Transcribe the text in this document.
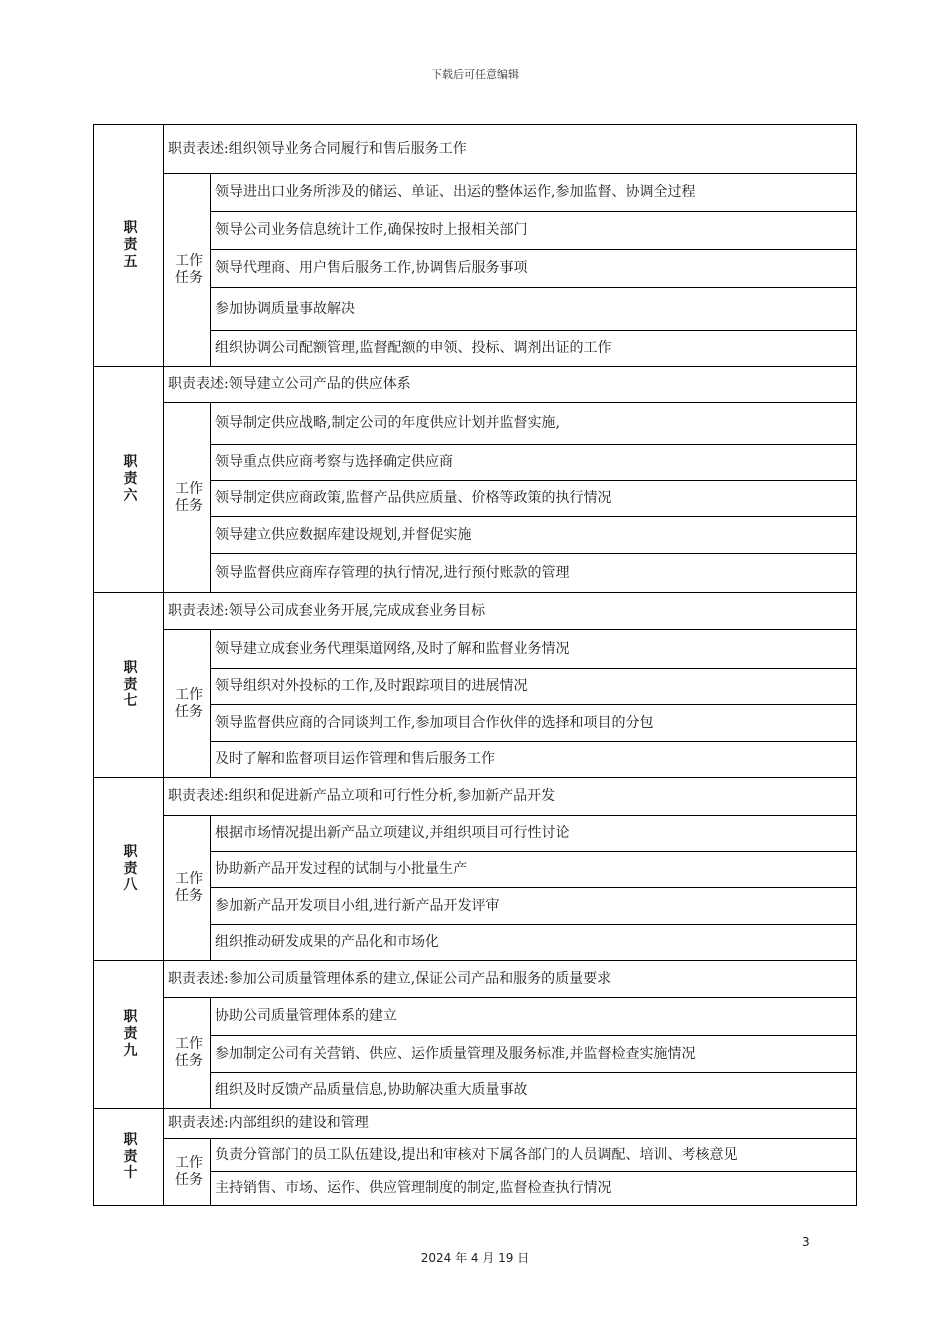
下载后可任意编辑
职
责
五	职责表述:组织领导业务合同履行和售后服务工作	
	工作
任务	领导进出口业务所涉及的储运、单证、出运的整体运作,参加监督、协调全过程
		领导公司业务信息统计工作,确保按时上报相关部门
		领导代理商、用户售后服务工作,协调售后服务事项
		参加协调质量事故解决
		组织协调公司配额管理,监督配额的申领、投标、调剂出证的工作
职
责
六	职责表述:领导建立公司产品的供应体系	
	工作
任务	领导制定供应战略,制定公司的年度供应计划并监督实施,
		领导重点供应商考察与选择确定供应商
		领导制定供应商政策,监督产品供应质量、价格等政策的执行情况
		领导建立供应数据库建设规划,并督促实施
		领导监督供应商库存管理的执行情况,进行预付账款的管理
职
责
七	职责表述:领导公司成套业务开展,完成成套业务目标	
	工作
任务	领导建立成套业务代理渠道网络,及时了解和监督业务情况
		领导组织对外投标的工作,及时跟踪项目的进展情况
		领导监督供应商的合同谈判工作,参加项目合作伙伴的选择和项目的分包
		及时了解和监督项目运作管理和售后服务工作
职
责
八	职责表述:组织和促进新产品立项和可行性分析,参加新产品开发	
	工作
任务	根据市场情况提出新产品立项建议,并组织项目可行性讨论
		协助新产品开发过程的试制与小批量生产
		参加新产品开发项目小组,进行新产品开发评审
		组织推动研发成果的产品化和市场化
职
责
九	职责表述:参加公司质量管理体系的建立,保证公司产品和服务的质量要求	
	工作
任务	协助公司质量管理体系的建立
		参加制定公司有关营销、供应、运作质量管理及服务标准,并监督检查实施情况
		组织及时反馈产品质量信息,协助解决重大质量事故
职
责
十	职责表述:内部组织的建设和管理	
	工作
任务	负责分管部门的员工队伍建设,提出和审核对下属各部门的人员调配、培训、考核意见
		主持销售、市场、运作、供应管理制度的制定,监督检查执行情况
3
2024 年 4 月 19 日
